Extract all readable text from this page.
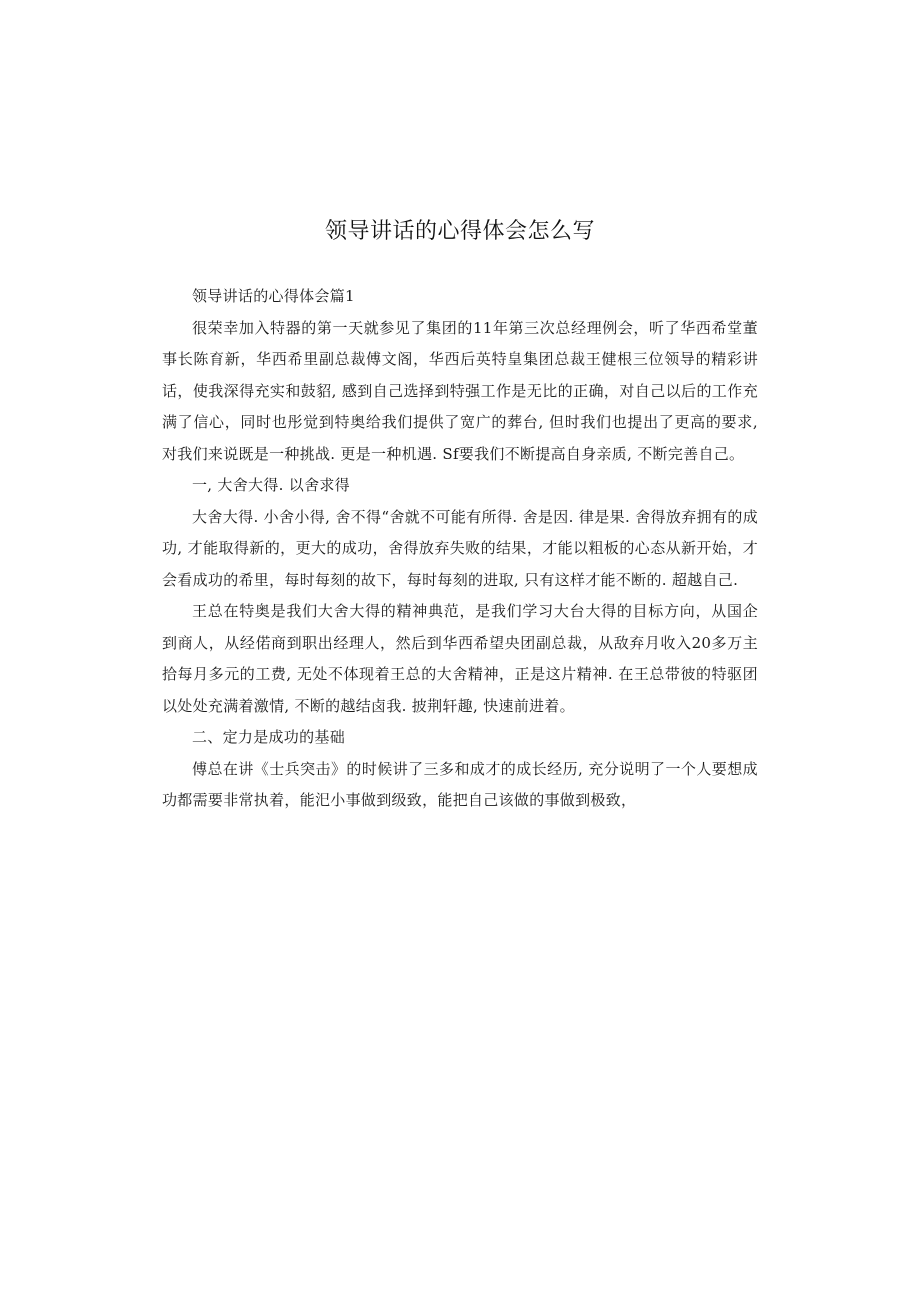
领导讲话的心得体会怎么写

领导讲话的心得体会篇1

很荣幸加入特器的第一天就参见了集团的11年第三次总经理例会，听了华西希堂董事长陈育新，华西希里副总裁傅文阁，华西后英特皇集团总裁王健根三位领导的精彩讲话，使我深得充实和鼓貂, 感到自己选择到特强工作是无比的正确，对自己以后的工作充满了信心，同时也彤觉到特奥给我们提供了宽广的葬台, 但时我们也提出了更高的要求, 对我们来说既是一种挑战. 更是一种机遇. Sf要我们不断提高自身亲质, 不断完善自己。

一, 大舍大得. 以舍求得

大舍大得. 小舍小得, 舍不得“舍就不可能有所得. 舍是因. 律是果. 舍得放弃拥有的成功, 才能取得新的，更大的成功，舍得放弃失败的结果，才能以粗板的心态从新开始，才会看成功的希里，每时每刻的故下，每时每刻的进取, 只有这样才能不断的. 超越自己.

王总在特奥是我们大舍大得的精神典范，是我们学习大台大得的目标方向，从国企到商人，从经偌商到职出经理人，然后到华西希望央团副总裁，从敌弃月收入20多万主拾每月多元的工费, 无处不体现着王总的大舍精神，正是这片精神. 在王总带彼的特驱团以处处充满着激情, 不断的越结卤我. 披荆轩趣, 快速前进着。

二、定力是成功的基础

傅总在讲《士兵突击》的时候讲了三多和成才的成长经历, 充分说明了一个人要想成功都需要非常执着，能汜小事做到级致，能把自己该做的事做到极致，
